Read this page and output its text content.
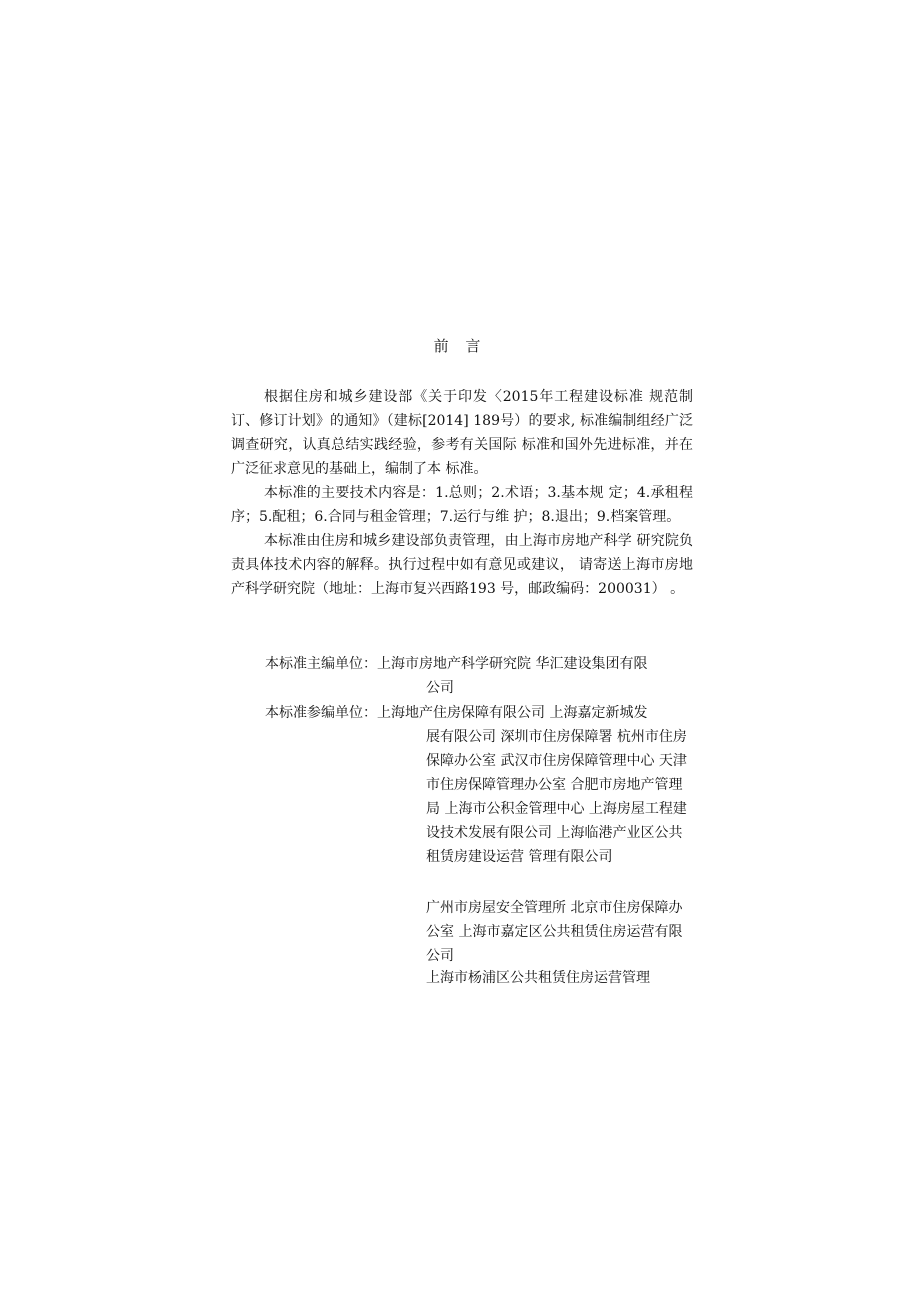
前 言

根据住房和城乡建设部《关于印发〈2015年工程建设标准 规范制订、修订计划》的通知》（建标[2014] 189号）的要求, 标准编制组经广泛调查研究，认真总结实践经验，参考有关国际 标准和国外先进标准，并在广泛征求意见的基础上，编制了本 标准。

本标准的主要技术内容是：1.总则；2.术语；3.基本规 定；4.承租程序；5.配租；6.合同与租金管理；7.运行与维 护；8.退出；9.档案管理。

本标准由住房和城乡建设部负责管理，由上海市房地产科学 研究院负责具体技术内容的解释。执行过程中如有意见或建议， 请寄送上海市房地产科学研究院（地址：上海市复兴西路193 号，邮政编码：200031） 。

本标准主编单位：上海市房地产科学研究院 华汇建设集团有限
公司
本标准参编单位：上海地产住房保障有限公司 上海嘉定新城发
展有限公司 深圳市住房保障署 杭州市住房保障办公室 武汉市住房保障管理中心 天津市住房保障管理办公室 合肥市房地产管理局 上海市公积金管理中心 上海房屋工程建设技术发展有限公司 上海临港产业区公共租赁房建设运营 管理有限公司
广州市房屋安全管理所 北京市住房保障办公室 上海市嘉定区公共租赁住房运营有限 公司
上海市杨浦区公共租赁住房运营管理
